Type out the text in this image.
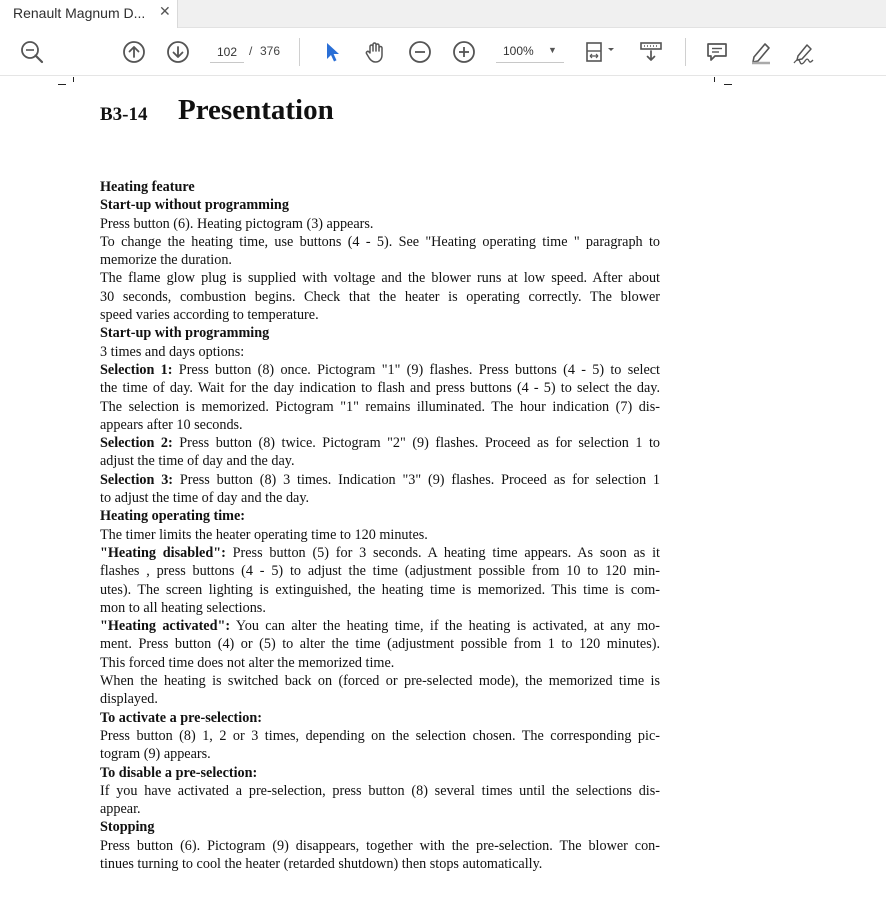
Renault Magnum D... ✕
102
/ 376	100% ▼
B3-14 Presentation
Heating feature
Start-up without programming
Press button (6). Heating pictogram (3) appears.
To change the heating time, use buttons (4 - 5). See "Heating operating time " paragraph to
memorize the duration.
The flame glow plug is supplied with voltage and the blower runs at low speed. After about
30 seconds, combustion begins. Check that the heater is operating correctly. The blower
speed varies according to temperature.
Start-up with programming
3 times and days options:
Selection 1: Press button (8) once. Pictogram "1" (9) flashes. Press buttons (4 - 5) to select
the time of day. Wait for the day indication to flash and press buttons (4 - 5) to select the day.
The selection is memorized. Pictogram "1" remains illuminated. The hour indication (7) dis-
appears after 10 seconds.
Selection 2: Press button (8) twice. Pictogram "2" (9) flashes. Proceed as for selection 1 to
adjust the time of day and the day.
Selection 3: Press button (8) 3 times. Indication "3" (9) flashes. Proceed as for selection 1
to adjust the time of day and the day.
Heating operating time:
The timer limits the heater operating time to 120 minutes.
"Heating disabled": Press button (5) for 3 seconds. A heating time appears. As soon as it
flashes , press buttons (4 - 5) to adjust the time (adjustment possible from 10 to 120 min-
utes). The screen lighting is extinguished, the heating time is memorized. This time is com-
mon to all heating selections.
"Heating activated": You can alter the heating time, if the heating is activated, at any mo-
ment. Press button (4) or (5) to alter the time (adjustment possible from 1 to 120 minutes).
This forced time does not alter the memorized time.
When the heating is switched back on (forced or pre-selected mode), the memorized time is
displayed.
To activate a pre-selection:
Press button (8) 1, 2 or 3 times, depending on the selection chosen. The corresponding pic-
togram (9) appears.
To disable a pre-selection:
If you have activated a pre-selection, press button (8) several times until the selections dis-
appear.
Stopping
Press button (6). Pictogram (9) disappears, together with the pre-selection. The blower con-
tinues turning to cool the heater (retarded shutdown) then stops automatically.
